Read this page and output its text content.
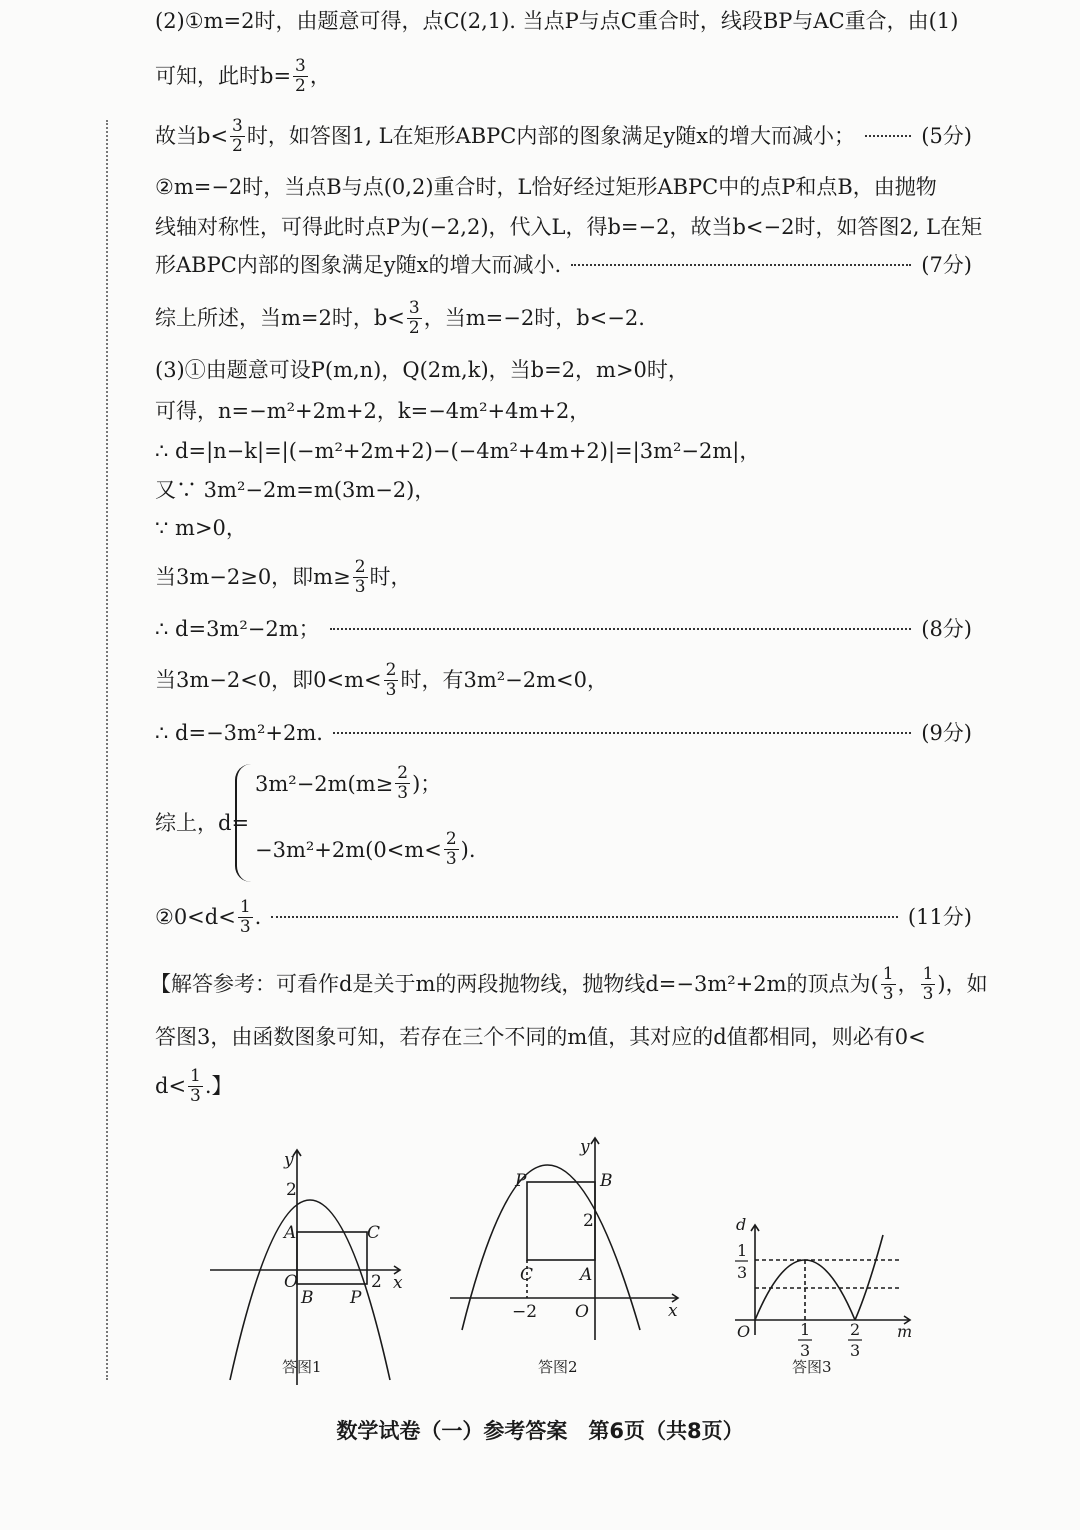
(2)①m=2时，由题意可得，点C(2,1). 当点P与点C重合时，线段BP与AC重合，由(1)
可知，此时$b= \frac{3}{2}$ ，
故当$b< \frac{3}{2}$ 时，如答图1, L在矩形ABPC内部的图象满足y随x的增大而减小；	(5分)
②m=−2时，当点B与点(0,2)重合时，L恰好经过矩形ABPC中的点P和点B，由抛物
线轴对称性，可得此时点P为(−2,2)，代入L，得b=−2，故当b<−2时，如答图2, L在矩
形ABPC内部的图象满足y随x的增大而减小.	(7分)
综上所述，当m=2时，$b< \frac{3}{2}$ ，当m=−2时，b<−2.
(3)①由题意可设P(m,n)，Q(2m,k)，当b=2，m>0时，
可得，n=−m²+2m+2，k=−4m²+4m+2，
∴ d=|n−k|=|(−m²+2m+2)−(−4m²+4m+2)|=|3m²−2m|，
又∵ 3m²−2m=m(3m−2)，
∵ m>0，
当3m−2≥0，即$m\ge \frac{2}{3}$ 时，
∴ d=3m²−2m；	(8分)
当3m−2<0，即$0<m< \frac{2}{3}$ 时，有3m²−2m<0，
∴ d=−3m²+2m.	(9分)
综上，d=
$3m^2-2m(m\ge \frac{2}{3}$ )；
$-3m^2+2m(0<m< \frac{2}{3}$ ).
②0<d< $\frac{1}{3}$ .	(11分)
【解答参考：可看作d是关于m的两段抛物线，抛物线d=−3m²+2m的顶点为( $\frac{1}{3}$ ， $\frac{1}{3}$ )，如
答图3，由函数图象可知，若存在三个不同的m值，其对应的d值都相同，则必有0<
$d< \frac{1}{3}$ .】
y
x
2
A	C
O	2
B P
答图1
y
x
P	B
2
C	A
−2 O
答图2
d
m
O
1
3
1
3
2
3
答图3
数学试卷（一）参考答案　第6页（共8页）
